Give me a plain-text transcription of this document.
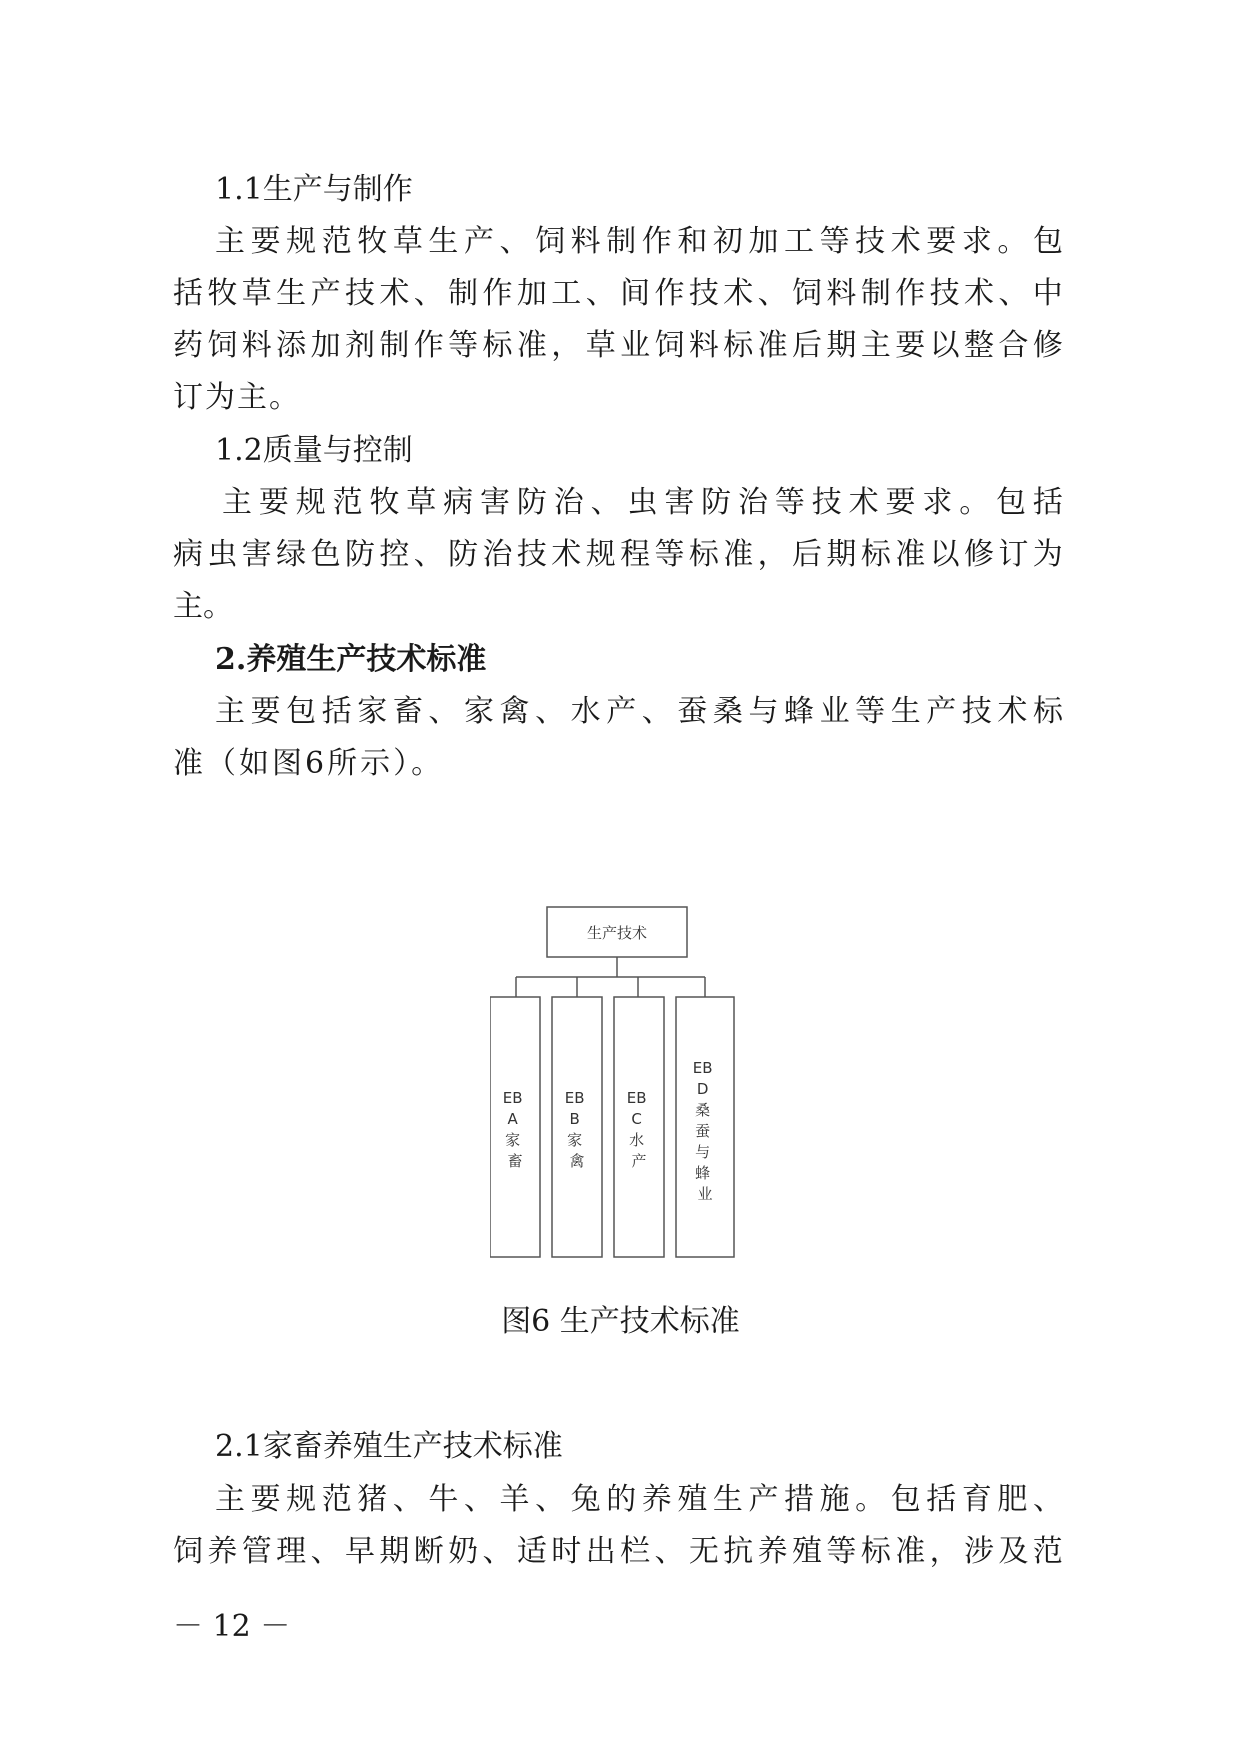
1.1生产与制作
主 要 规 范 牧 草 生 产 、 饲 料 制 作 和 初 加 工 等 技 术 要 求 。 包
括 牧 草 生 产 技 术 、 制 作 加 工 、 间 作 技 术 、 饲 料 制 作 技 术 、 中
药 饲 料 添 加 剂 制 作 等 标 准 ， 草 业 饲 料 标 准 后 期 主 要 以 整 合 修
订为主。
1.2质量与控制
主 要 规 范 牧 草 病 害 防 治 、 虫 害 防 治 等 技 术 要 求 。 包 括
病 虫 害 绿 色 防 控 、 防 治 技 术 规 程 等 标 准 ， 后 期 标 准 以 修 订 为
主。
2.养殖生产技术标准
主 要 包 括 家 畜 、 家 禽 、 水 产 、 蚕 桑 与 蜂 业 等 生 产 技 术 标
准（如图6所示）。
生产技术
EB A 家 畜
EB B 家 禽
EB C 水 产
EB D 桑 蚕 与 蜂 业
图6 生产技术标准
2.1家畜养殖生产技术标准
主 要 规 范 猪 、 牛 、 羊 、 兔 的 养 殖 生 产 措 施 。 包 括 育 肥 、
饲 养 管 理 、 早 期 断 奶 、 适 时 出 栏 、 无 抗 养 殖 等 标 准 ， 涉 及 范
－ 12 －
